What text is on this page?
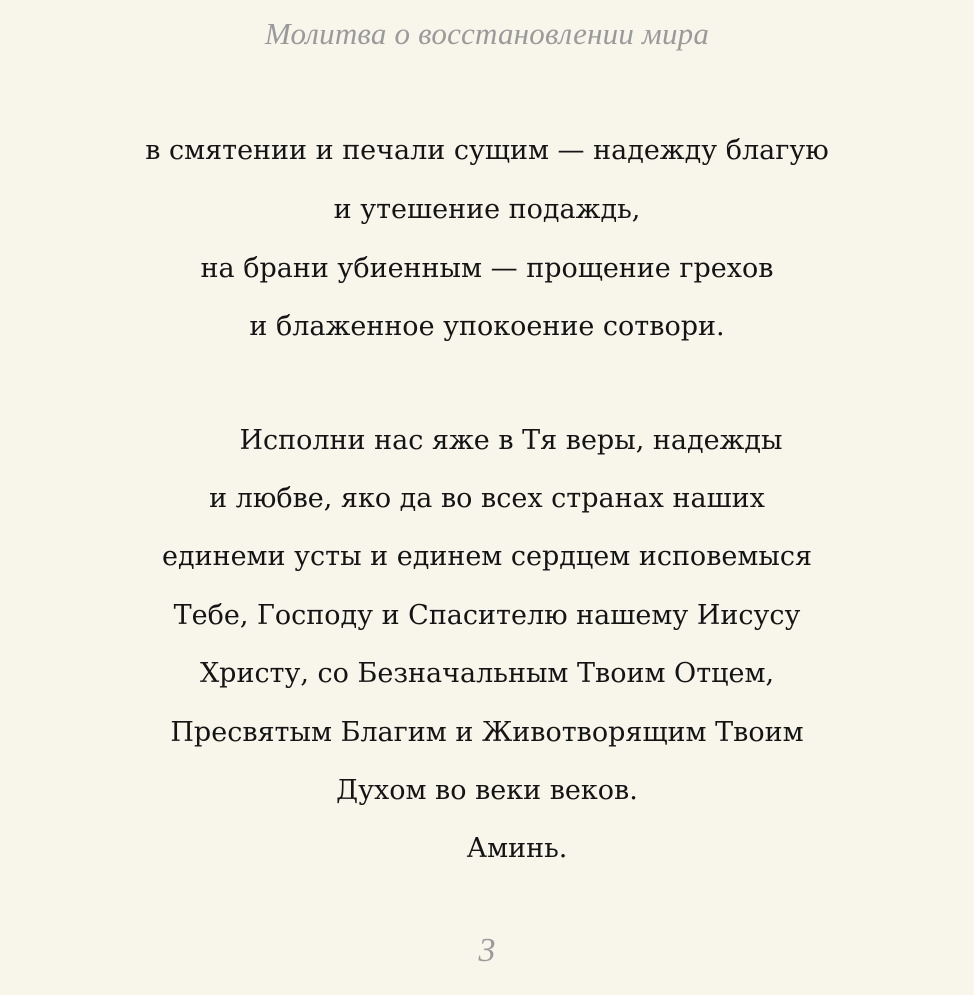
Молитва о восстановлении мира
в смятении и печали сущим — надежду благую
и утешение подаждь,
на брани убиенным — прощение грехов
и блаженное упокоение сотвори.
Исполни нас яже в Тя веры, надежды
и любве, яко да во всех странах наших
единеми усты и единем сердцем исповемыся
Тебе, Господу и Спасителю нашему Иисусу
Христу, со Безначальным Твоим Отцем,
Пресвятым Благим и Животворящим Твоим
Духом во веки веков.
Аминь.
3
